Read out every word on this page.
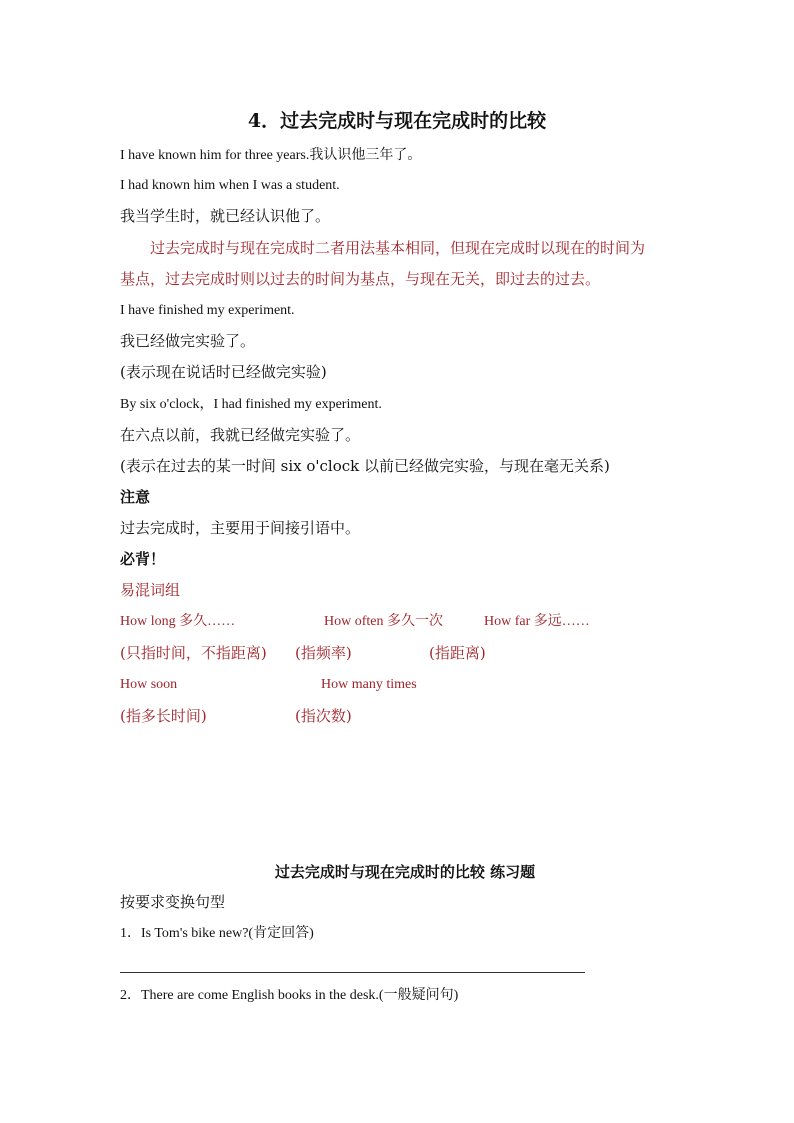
4．过去完成时与现在完成时的比较
I have known him for three years.我认识他三年了。
I had known him when I was a student.
我当学生时，就已经认识他了。
过去完成时与现在完成时二者用法基本相同，但现在完成时以现在的时间为
基点，过去完成时则以过去的时间为基点，与现在无关，即过去的过去。
I have finished my experiment.
我已经做完实验了。
(表示现在说话时已经做完实验)
By six o'clock，I had finished my experiment.
在六点以前，我就已经做完实验了。
(表示在过去的某一时间 six o'clock 以前已经做完实验，与现在毫无关系)
注意
过去完成时，主要用于间接引语中。
必背！
易混词组
How long 多久……	How often 多久一次	How far 多远……
(只指时间，不指距离) (指频率)	(指距离)
How soon	How many times
(指多长时间)	(指次数)
过去完成时与现在完成时的比较 练习题
按要求变换句型
1．Is Tom's bike new?(肯定回答)
2．There are come English books in the desk.(一般疑问句)
